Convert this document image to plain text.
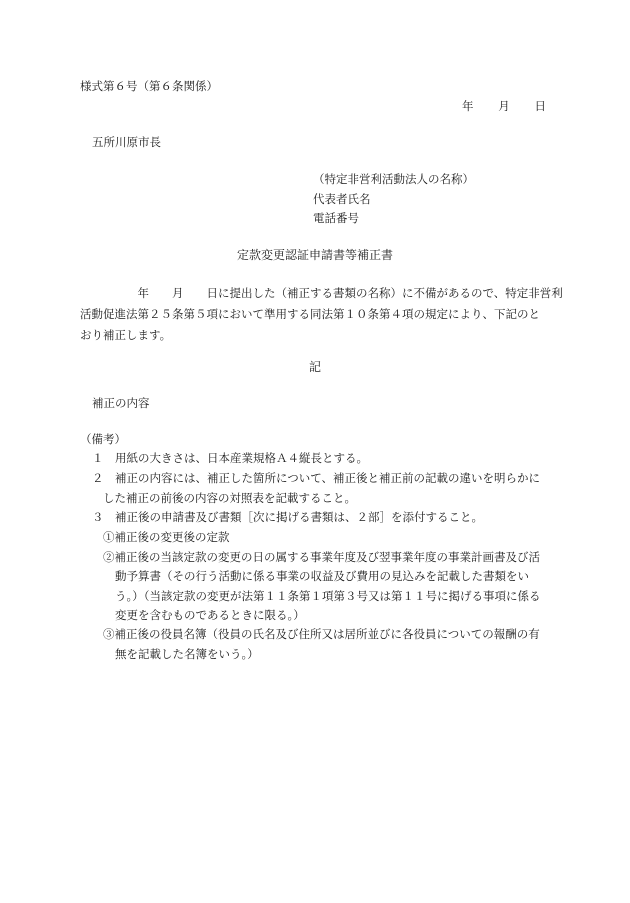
様式第６号（第６条関係）
年 月 日
五所川原市長
（特定非営利活動法人の名称）
代表者氏名
電話番号
定款変更認証申請書等補正書
　　　　　年　　月　　日に提出した（補正する書類の名称）に不備があるので、特定非営利
活動促進法第２５条第５項において準用する同法第１０条第４項の規定により、下記のと
おり補正します。
記
補正の内容
（備考）
１　用紙の大きさは、日本産業規格Ａ４縦長とする。
２　補正の内容には、補正した箇所について、補正後と補正前の記載の違いを明らかに
した補正の前後の内容の対照表を記載すること。
３　補正後の申請書及び書類［次に掲げる書類は、２部］を添付すること。
①補正後の変更後の定款
②補正後の当該定款の変更の日の属する事業年度及び翌事業年度の事業計画書及び活
動予算書（その行う活動に係る事業の収益及び費用の見込みを記載した書類をい
う。）（当該定款の変更が法第１１条第１項第３号又は第１１号に掲げる事項に係る
変更を含むものであるときに限る。）
③補正後の役員名簿（役員の氏名及び住所又は居所並びに各役員についての報酬の有
無を記載した名簿をいう。）
